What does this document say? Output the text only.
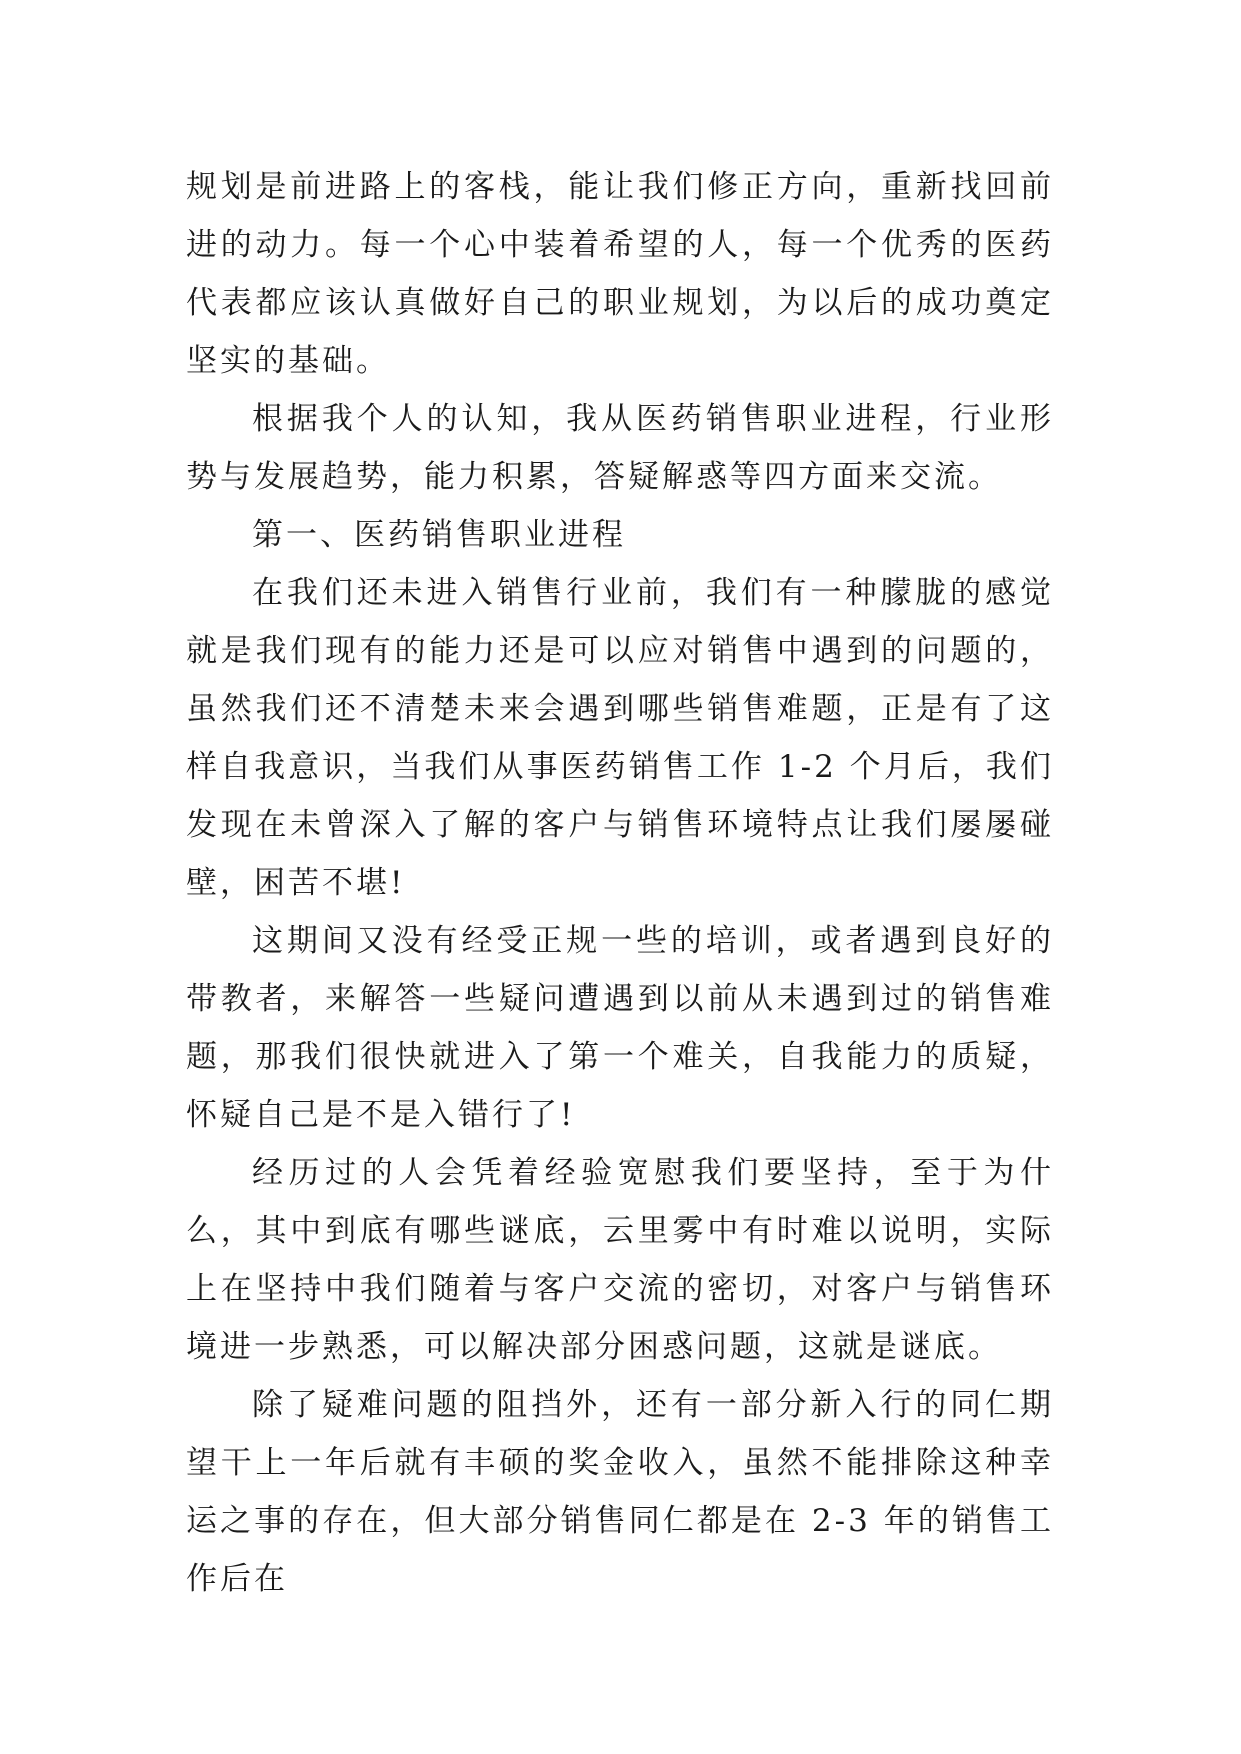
规划是前进路上的客栈，能让我们修正方向，重新找回前进的动力。每一个心中装着希望的人，每一个优秀的医药代表都应该认真做好自己的职业规划，为以后的成功奠定坚实的基础。

根据我个人的认知，我从医药销售职业进程，行业形势与发展趋势，能力积累，答疑解惑等四方面来交流。

第一、医药销售职业进程

在我们还未进入销售行业前，我们有一种朦胧的感觉就是我们现有的能力还是可以应对销售中遇到的问题的，虽然我们还不清楚未来会遇到哪些销售难题，正是有了这样自我意识，当我们从事医药销售工作 1-2 个月后，我们发现在未曾深入了解的客户与销售环境特点让我们屡屡碰壁，困苦不堪!

这期间又没有经受正规一些的培训，或者遇到良好的带教者，来解答一些疑问遭遇到以前从未遇到过的销售难题，那我们很快就进入了第一个难关，自我能力的质疑，怀疑自己是不是入错行了!

经历过的人会凭着经验宽慰我们要坚持，至于为什么，其中到底有哪些谜底，云里雾中有时难以说明，实际上在坚持中我们随着与客户交流的密切，对客户与销售环境进一步熟悉，可以解决部分困惑问题，这就是谜底。

除了疑难问题的阻挡外，还有一部分新入行的同仁期望干上一年后就有丰硕的奖金收入，虽然不能排除这种幸运之事的存在，但大部分销售同仁都是在 2-3 年的销售工作后在
